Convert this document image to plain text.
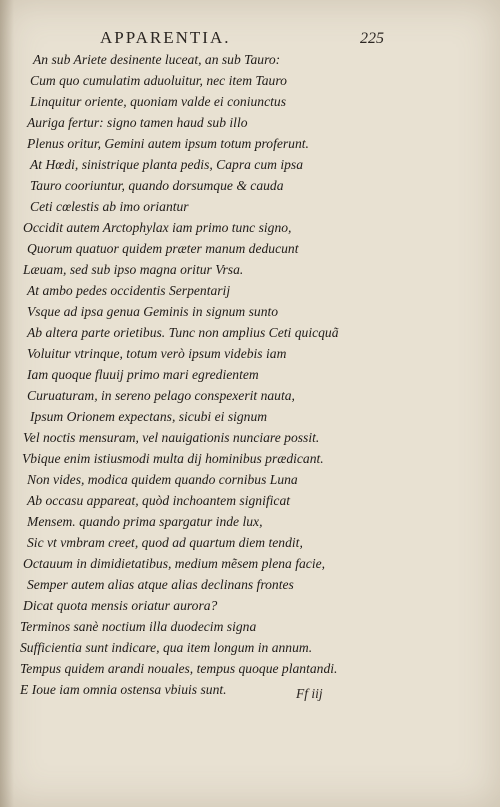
APPARENTIA.	225
An sub Ariete desinente luceat, an sub Tauro:
Cum quo cumulatim aduoluitur, nec item Tauro
Linquitur oriente, quoniam valde ei coniunctus
Auriga fertur: signo tamen haud sub illo
Plenus oritur, Gemini autem ipsum totum proferunt.
At Hœdi, sinistrique planta pedis, Capra cum ipsa
Tauro cooriuntur, quando dorsumque & cauda
Ceti cœlestis ab imo oriantur
Occidit autem Arctophylax iam primo tunc signo,
Quorum quatuor quidem præter manum deducunt
Læuam, sed sub ipso magna oritur Vrsa.
At ambo pedes occidentis Serpentarij
Vsque ad ipsa genua Geminis in signum sunto
Ab altera parte orietibus. Tunc non amplius Ceti quicquã
Voluitur vtrinque, totum verò ipsum videbis iam
Iam quoque fluuij primo mari egredientem
Curuaturam, in sereno pelago conspexerit nauta,
Ipsum Orionem expectans, sicubi ei signum
Vel noctis mensuram, vel nauigationis nunciare possit.
Vbique enim istiusmodi multa dij hominibus prædicant.
Non vides, modica quidem quando cornibus Luna
Ab occasu appareat, quòd inchoantem significat
Mensem. quando prima spargatur inde lux,
Sic vt vmbram creet, quod ad quartum diem tendit,
Octauum in dimidietatibus, medium mẽsem plena facie,
Semper autem alias atque alias declinans frontes
Dicat quota mensis oriatur aurora?
Terminos sanè noctium illa duodecim signa
Sufficientia sunt indicare, qua item longum in annum.
Tempus quidem arandi nouales, tempus quoque plantandi.
E Ioue iam omnia ostensa vbiuis sunt.	Ff iij
